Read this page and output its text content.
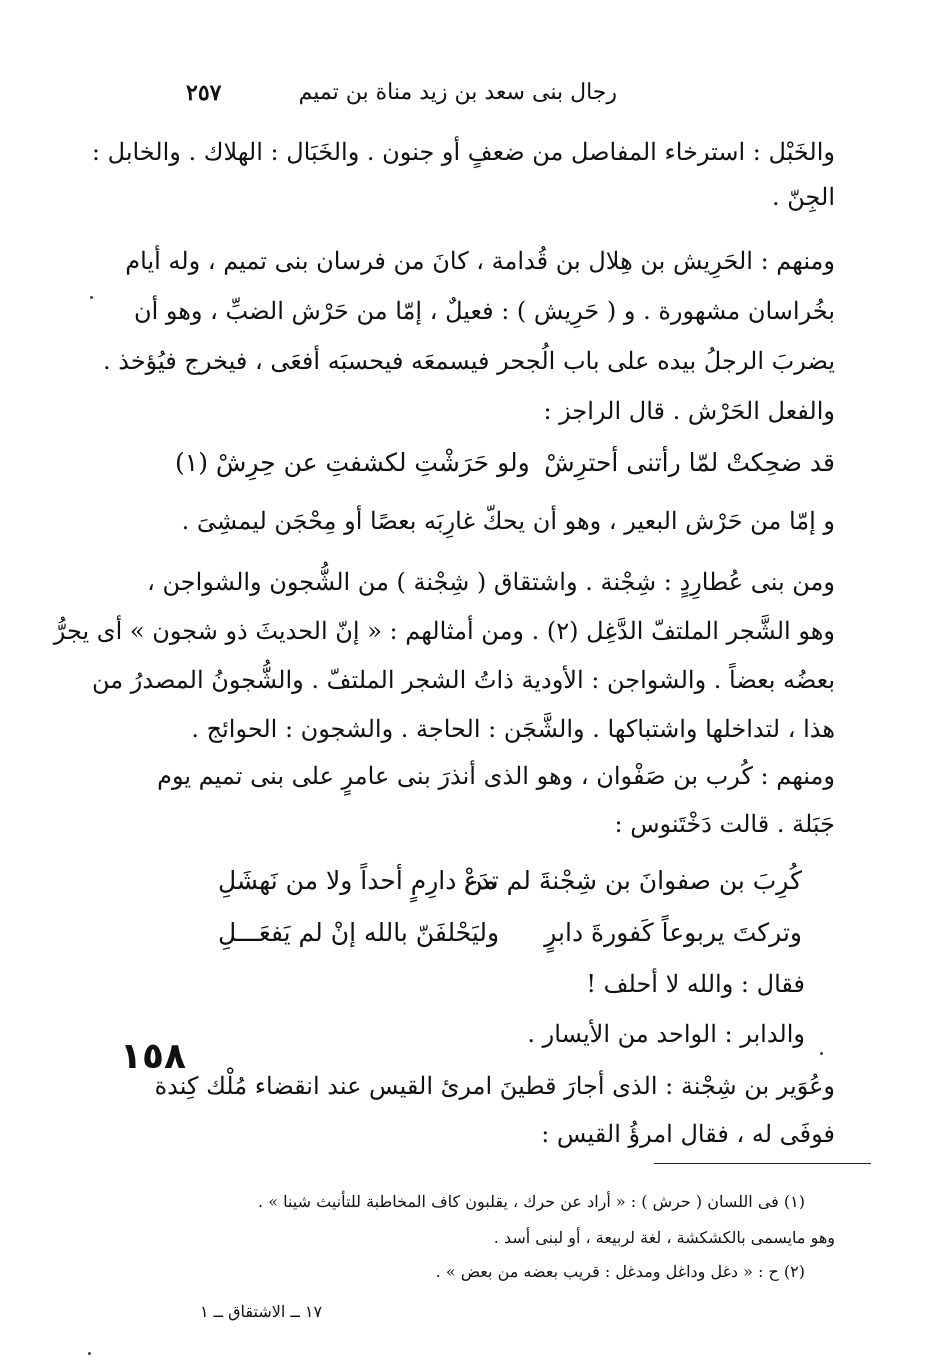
٢٥٧	رجال بنى سعد بن زيد مناة بن تميم
والخَبْل : استرخاء المفاصل من ضعفٍ أو جنون . والخَبَال : الهلاك . والخابل :
الجِنّ .
ومنهم : الحَرِيش بن هِلال بن قُدامة ، كانَ من فرسان بنى تميم ، وله أيام
بخُراسان مشهورة . و ( حَرِيش ) : فعيلٌ ، إمّا من حَرْش الضبِّ ، وهو أن
يضربَ الرجلُ بيده على باب الُجحر فيسمعَه فيحسبَه أفعَى ، فيخرج فيُؤخذ .
والفعل الحَرْش . قال الراجز :
قد ضحِكتْ لمّا رأتنى أحترِشْ
ولو حَرَشْتِ لكشفتِ عن حِرِشْ (١)
و إمّا من حَرْش البعير ، وهو أن يحكّ غارِبَه بعصًا أو مِحْجَن ليمشِىَ .
ومن بنى عُطارِدٍ : شِجْنة . واشتقاق ( شِجْنة ) من الشُّجون والشواجن ،
وهو الشَّجر الملتفّ الدَّغِل (٢) . ومن أمثالهم : « إنّ الحديثَ ذو شجون » أى يجرُّ
بعضُه بعضاً . والشواجن : الأودية ذاتُ الشجر الملتفّ . والشُّجونُ المصدرُ من
هذا ، لتداخلها واشتباكها . والشَّجَن : الحاجة . والشجون : الحوائج .
ومنهم : كُرب بن صَفْوان ، وهو الذى أنذرَ بنى عامرٍ على بنى تميم يوم
جَبَلة . قالت دَخْتَنوس :
كُرِبَ بن صفوانَ بن شِجْنةَ لم تدَعْ
من دارِمٍ أحداً ولا من نَهشَلِ
وتركتَ يربوعاً كَفورةَ دابرٍ
وليَحْلفَنّ بالله إنْ لم يَفعَـــلِ
فقال : والله لا أحلف !
والدابر : الواحد من الأيسار .
وعُوَير بن شِجْنة : الذى أجارَ قطينَ امرئ القيس عند انقضاء مُلْك كِندة
فوفَى له ، فقال امرؤُ القيس :
١٥٨
(١) فى اللسان ( حرش ) : « أراد عن حرك ، يقلبون كاف المخاطبة للتأنيث شينا » .
وهو مايسمى بالكشكشة ، لغة لربيعة ، أو لبنى أسد .
(٢) ح : « دغل وداغل ومدغل : قريب بعضه من بعض » .
١٧ ــ الاشتقاق ــ ١
